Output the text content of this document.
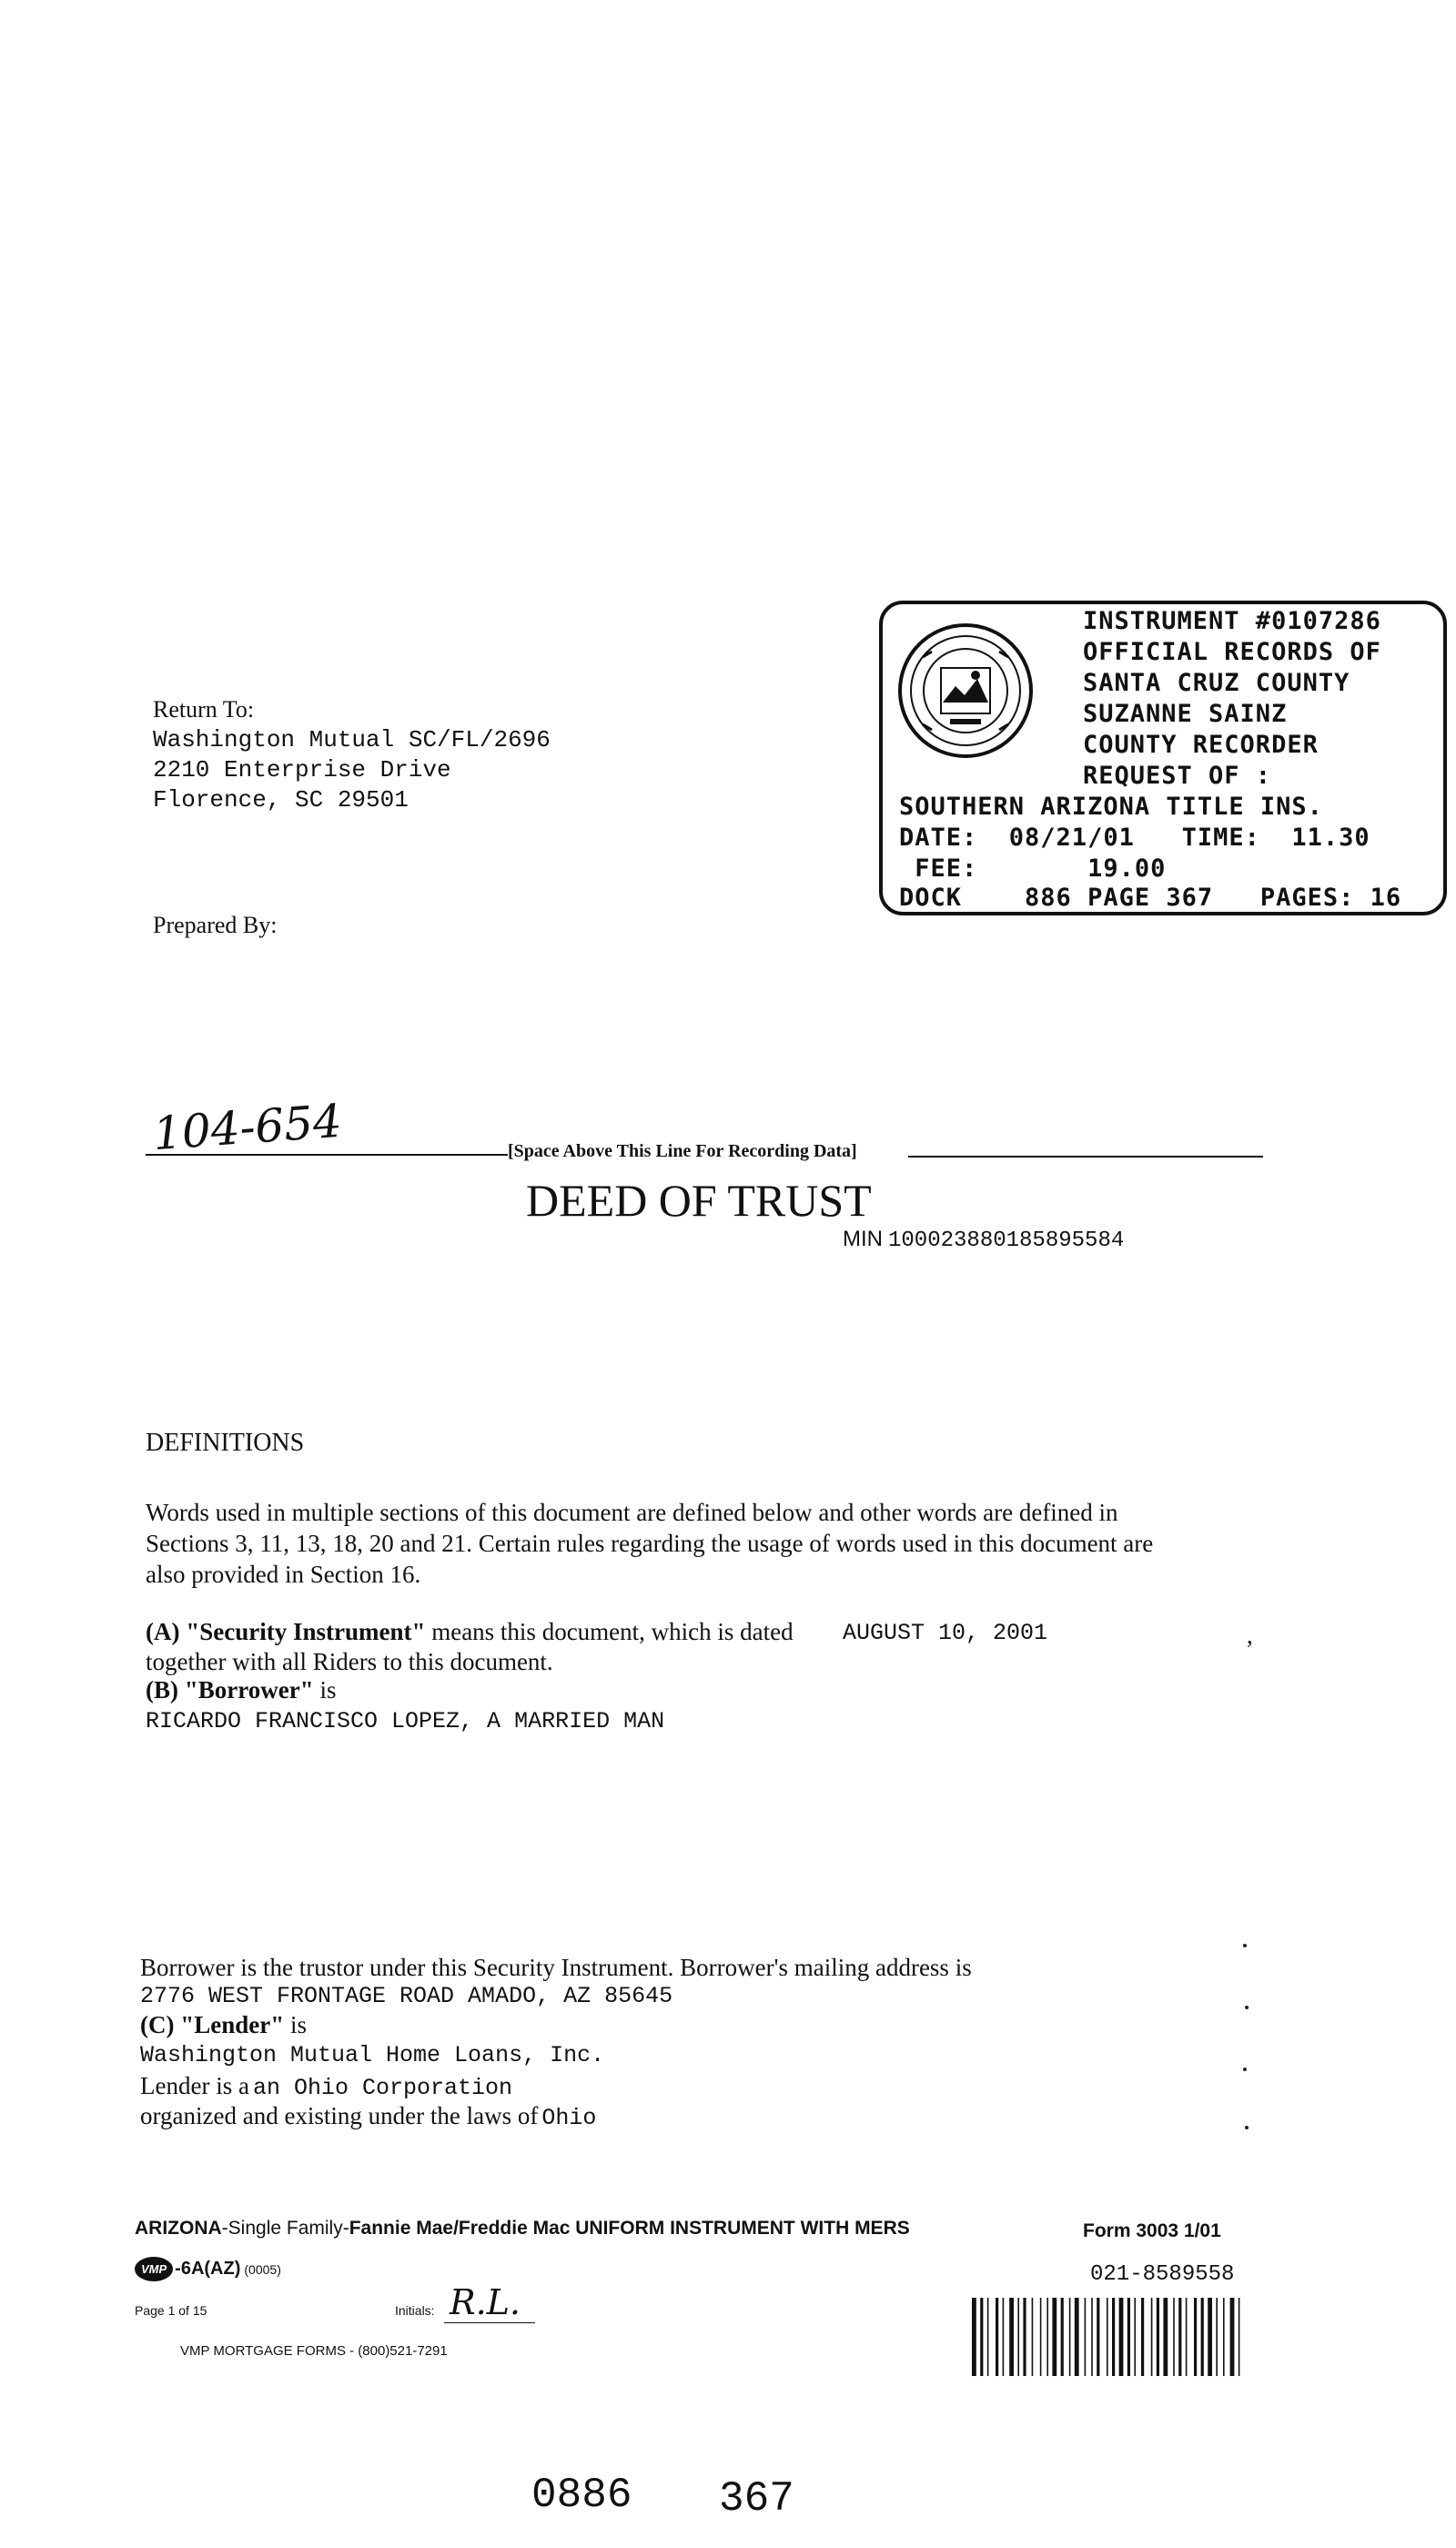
Return To:
Washington Mutual SC/FL/2696
2210 Enterprise Drive
Florence, SC 29501
Prepared By:
INSTRUMENT #0107286
OFFICIAL RECORDS OF
SANTA CRUZ COUNTY
SUZANNE SAINZ
COUNTY RECORDER
REQUEST OF :
SOUTHERN ARIZONA TITLE INS.
DATE:  08/21/01   TIME:  11.30
FEE:       19.00
DOCK    886 PAGE 367   PAGES: 16
104-654	[Space Above This Line For Recording Data]
DEED OF TRUST
MIN 100023880185895584
DEFINITIONS
Words used in multiple sections of this document are defined below and other words are defined in
Sections 3, 11, 13, 18, 20 and 21. Certain rules regarding the usage of words used in this document are
also provided in Section 16.
(A) "Security Instrument" means this document, which is dated AUGUST 10, 2001	,
together with all Riders to this document.
(B) "Borrower" is
RICARDO FRANCISCO LOPEZ, A MARRIED MAN
Borrower is the trustor under this Security Instrument. Borrower's mailing address is
2776 WEST FRONTAGE ROAD AMADO, AZ 85645
(C) "Lender" is
Washington Mutual Home Loans, Inc.
Lender is a an Ohio Corporation
organized and existing under the laws of Ohio
ARIZONA-Single Family-Fannie Mae/Freddie Mac UNIFORM INSTRUMENT WITH MERS	Form 3003 1/01
VMP -6A(AZ) (0005)	021-8589558
Page 1 of 15	Initials: R.L.
VMP MORTGAGE FORMS - (800)521-7291
0886 367
